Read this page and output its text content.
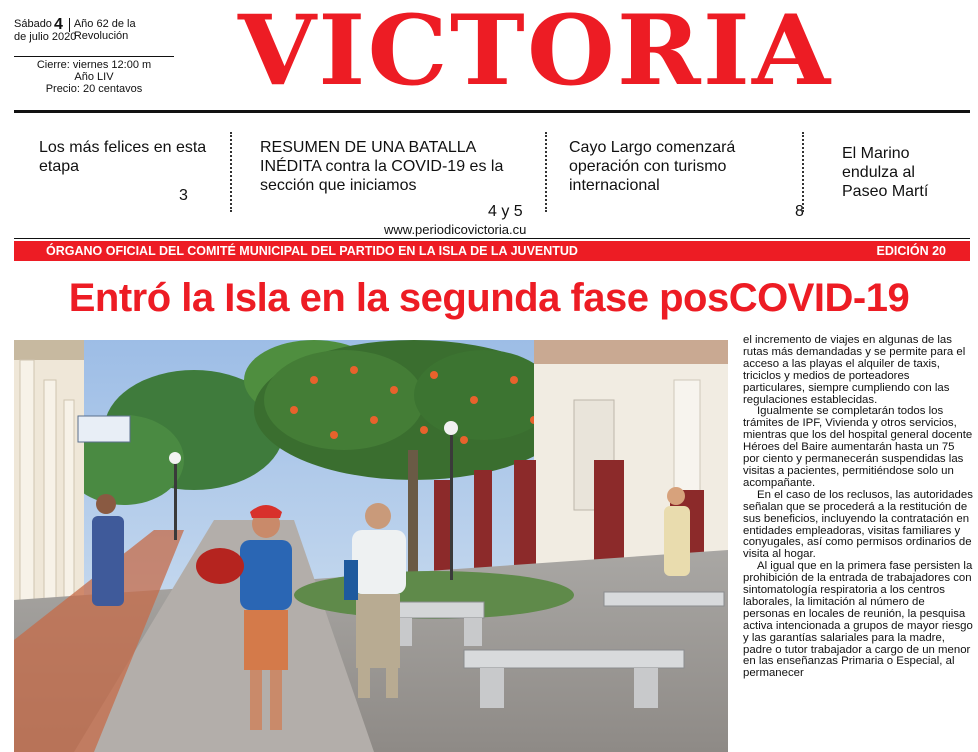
Sábado 4 Año 62 de la
Revolución
de julio 2020
Cierre: viernes 12:00 m
Año LIV
Precio: 20 centavos VICTORIA
Los más felices en esta etapa
3
RESUMEN DE UNA BATALLA INÉDITA contra la COVID-19 es la sección que iniciamos
4 y 5
Cayo Largo comenzará operación con turismo internacional
8
El Marino endulza al Paseo Martí
www.periodicovictoria.cu
ÓRGANO OFICIAL DEL COMITÉ MUNICIPAL DEL PARTIDO EN LA ISLA DE LA JUVENTUD	EDICIÓN 20
Entró la Isla en la segunda fase posCOVID-19

el incremento de viajes en algunas de las rutas más demandadas y se permite para el acceso a las playas el alquiler de taxis, triciclos y medios de porteadores particulares, siempre cumpliendo con las regulaciones establecidas.

Igualmente se completarán todos los trámites de IPF, Vivienda y otros servicios, mientras que los del hospital general docente Héroes del Baire aumentarán hasta un 75 por ciento y permanecerán suspendidas las visitas a pacientes, permitiéndose solo un acompañante.

En el caso de los reclusos, las autoridades señalan que se procederá a la restitución de sus beneficios, incluyendo la contratación en entidades empleadoras, visitas familiares y conyugales, así como permisos ordinarios de visita al hogar.

Al igual que en la primera fase persisten la prohibición de la entrada de trabajadores con sintomatología respiratoria a los centros laborales, la limitación al número de personas en locales de reunión, la pesquisa activa intencionada a grupos de mayor riesgo y las garantías salariales para la madre, padre o tutor trabajador a cargo de un menor en las enseñanzas Primaria o Especial, al permanecer
